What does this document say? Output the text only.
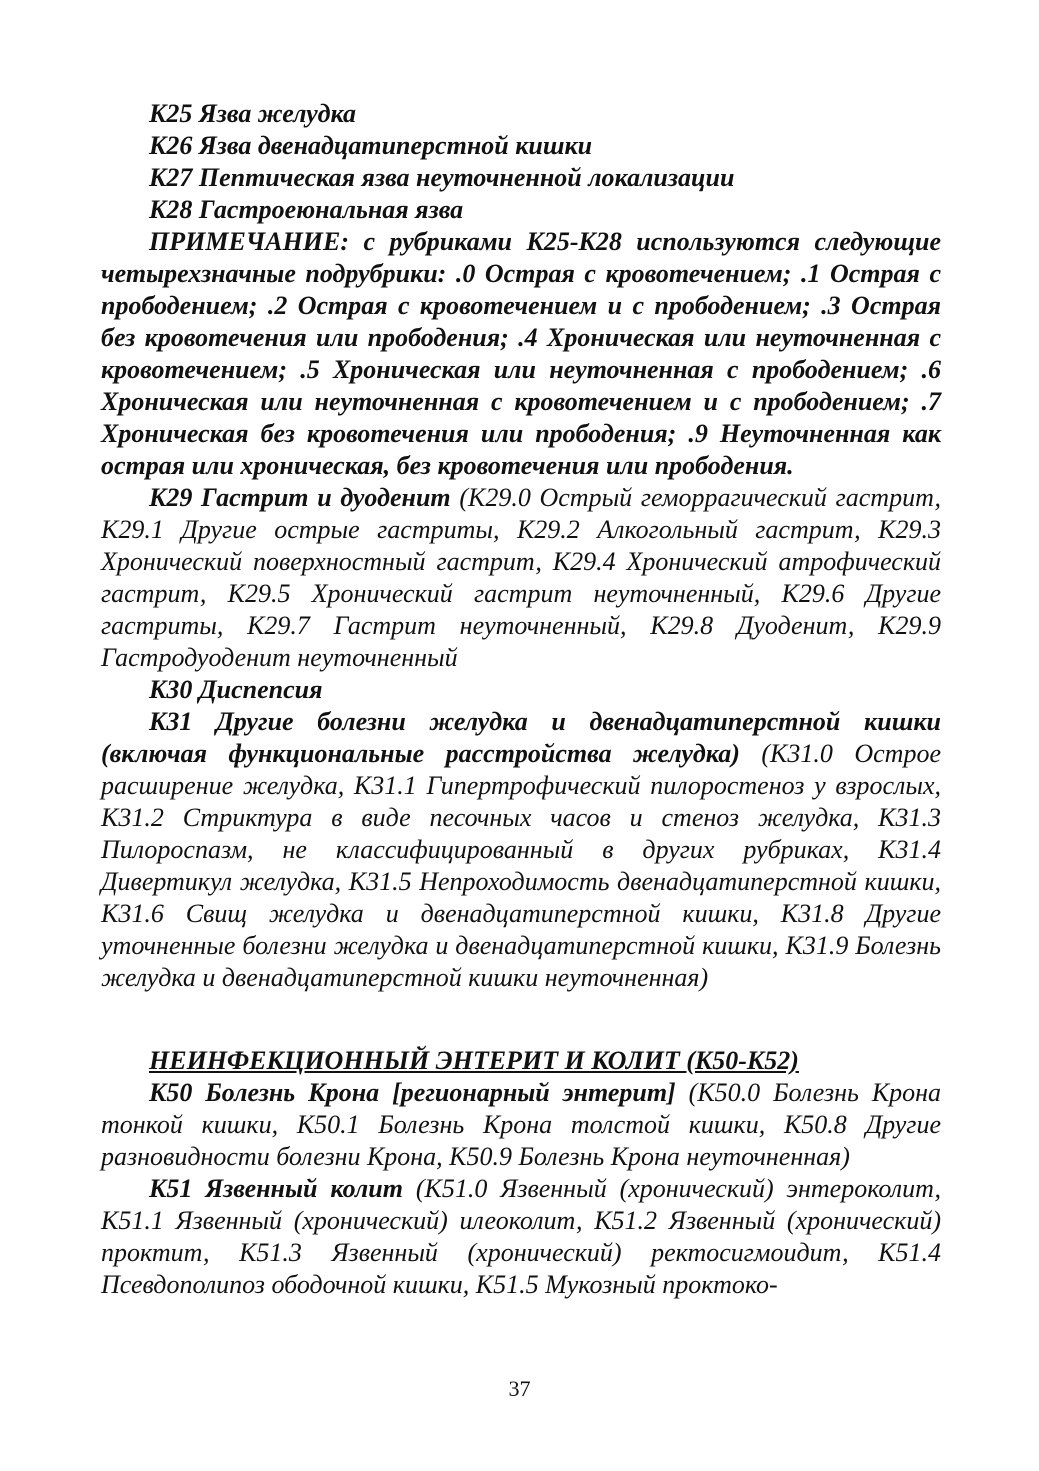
K25 Язва желудка

K26 Язва двенадцатиперстной кишки

K27 Пептическая язва неуточненной локализации

K28 Гастроеюнальная язва

ПРИМЕЧАНИЕ: с рубриками K25-K28 используются следующие четырехзначные подрубрики: .0 Острая с кровотечением; .1 Острая с прободением; .2 Острая с кровотечением и с прободением; .3 Острая без кровотечения или прободения; .4 Хроническая или неуточненная с кровотечением; .5 Хроническая или неуточненная с прободением; .6 Хроническая или неуточненная с кровотечением и с прободением; .7 Хроническая без кровотечения или прободения; .9 Неуточненная как острая или хроническая, без кровотечения или прободения.

K29 Гастрит и дуоденит (K29.0 Острый геморрагический гастрит, K29.1 Другие острые гастриты, K29.2 Алкогольный гастрит, K29.3 Хронический поверхностный гастрит, K29.4 Хронический атрофический гастрит, K29.5 Хронический гастрит неуточненный, K29.6 Другие гастриты, K29.7 Гастрит неуточненный, K29.8 Дуоденит, K29.9 Гастродуоденит неуточненный

K30 Диспепсия

K31 Другие болезни желудка и двенадцатиперстной кишки (включая функциональные расстройства желудка) (K31.0 Острое расширение желудка, K31.1 Гипертрофический пилоростеноз у взрослых, K31.2 Стриктура в виде песочных часов и стеноз желудка, K31.3 Пилороспазм, не классифицированный в других рубриках, K31.4 Дивертикул желудка, K31.5 Непроходимость двенадцатиперстной кишки, K31.6 Свищ желудка и двенадцатиперстной кишки, K31.8 Другие уточненные болезни желудка и двенадцатиперстной кишки, K31.9 Болезнь желудка и двенадцатиперстной кишки неуточненная)

НЕИНФЕКЦИОННЫЙ ЭНТЕРИТ И КОЛИТ (K50-K52)

K50 Болезнь Крона [регионарный энтерит] (K50.0 Болезнь Крона тонкой кишки, K50.1 Болезнь Крона толстой кишки, K50.8 Другие разновидности болезни Крона, K50.9 Болезнь Крона неуточненная)

K51 Язвенный колит (K51.0 Язвенный (хронический) энтероколит, K51.1 Язвенный (хронический) илеоколит, K51.2 Язвенный (хронический) проктит, K51.3 Язвенный (хронический) ректосигмоидит, K51.4 Псевдополипоз ободочной кишки, K51.5 Мукозный проктоко-

37
